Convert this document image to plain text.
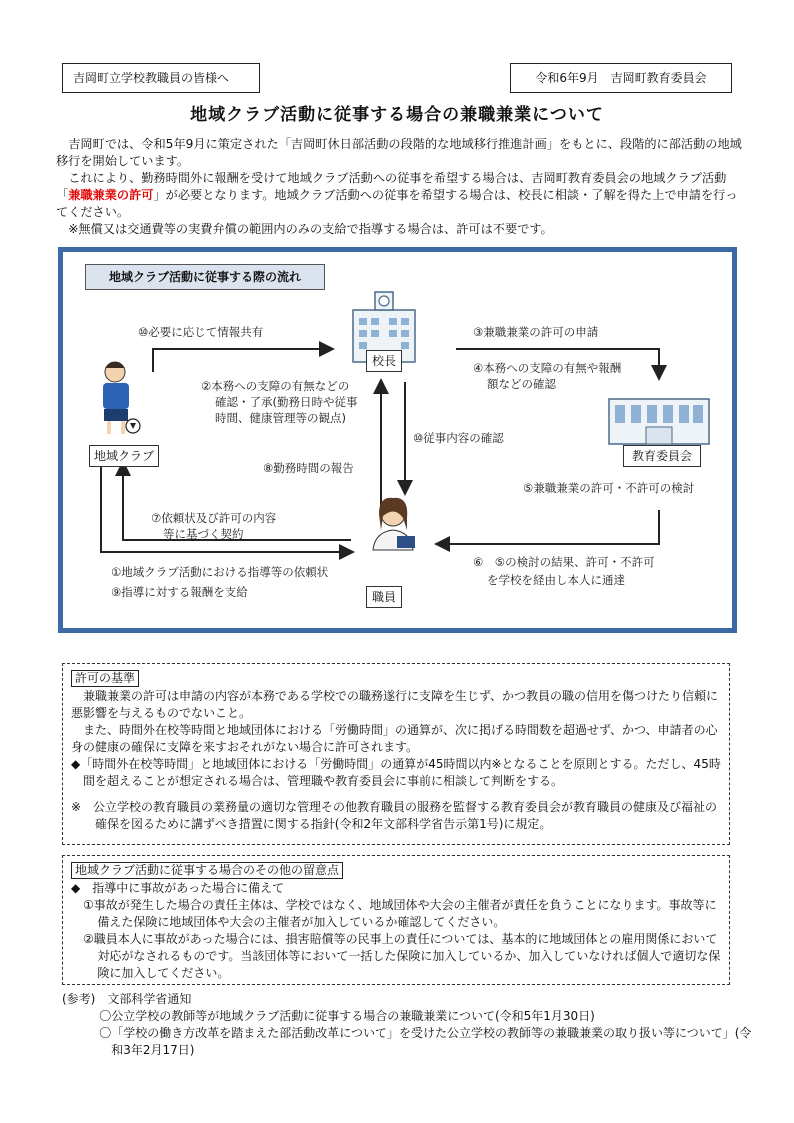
吉岡町立学校教職員の皆様へ	令和6年9月　吉岡町教育委員会
地域クラブ活動に従事する場合の兼職兼業について

吉岡町では、令和5年9月に策定された「吉岡町休日部活動の段階的な地域移行推進計画」をもとに、段階的に部活動の地域移行を開始しています。

これにより、勤務時間外に報酬を受けて地域クラブ活動への従事を希望する場合は、吉岡町教育委員会の地域クラブ活動「兼職兼業の許可」が必要となります。地域クラブ活動への従事を希望する場合は、校長に相談・了解を得た上で申請を行ってください。

※無償又は交通費等の実費弁償の範囲内のみの支給で指導する場合は、許可は不要です。

地域クラブ活動に従事する際の流れ
校長
地域クラブ	教育委員会
職員
⑩必要に応じて情報共有	③兼職兼業の許可の申請
④本務への支障の有無や報酬
額などの確認
②本務への支障の有無などの
確認・了承(勤務日時や従事
時間、健康管理等の観点)
⑩従事内容の確認
⑧勤務時間の報告
⑤兼職兼業の許可・不許可の検討
⑦依頼状及び許可の内容
等に基づく契約
⑥　⑤の検討の結果、許可・不許可
を学校を経由し本人に通達
①地域クラブ活動における指導等の依頼状
⑨指導に対する報酬を支給
許可の基準

兼職兼業の許可は申請の内容が本務である学校での職務遂行に支障を生じず、かつ教員の職の信用を傷つけたり信頼に悪影響を与えるものでないこと。

また、時間外在校等時間と地域団体における「労働時間」の通算が、次に掲げる時間数を超過せず、かつ、申請者の心身の健康の確保に支障を来すおそれがない場合に許可されます。

◆「時間外在校等時間」と地域団体における「労働時間」の通算が45時間以内※となることを原則とする。ただし、45時間を超えることが想定される場合は、管理職や教育委員会に事前に相談して判断をする。

※　公立学校の教育職員の業務量の適切な管理その他教育職員の服務を監督する教育委員会が教育職員の健康及び福祉の確保を図るために講ずべき措置に関する指針(令和2年文部科学省告示第1号)に規定。

地域クラブ活動に従事する場合のその他の留意点

◆　指導中に事故があった場合に備えて

①事故が発生した場合の責任主体は、学校ではなく、地域団体や大会の主催者が責任を負うことになります。事故等に備えた保険に地域団体や大会の主催者が加入しているか確認してください。

②職員本人に事故があった場合には、損害賠償等の民事上の責任については、基本的に地域団体との雇用関係において対応がなされるものです。当該団体等において一括した保険に加入しているか、加入していなければ個人で適切な保険に加入してください。

(参考)　文部科学省通知

〇公立学校の教師等が地域クラブ活動に従事する場合の兼職兼業について(令和5年1月30日)

〇「学校の働き方改革を踏まえた部活動改革について」を受けた公立学校の教師等の兼職兼業の取り扱い等について」(令和3年2月17日)
